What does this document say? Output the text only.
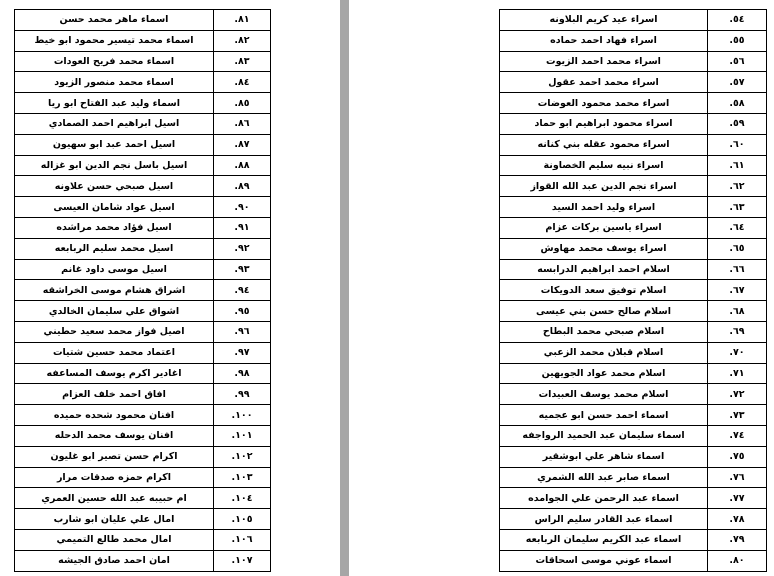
اسماء ماهر محمد حسن	٨١.
اسماء محمد تيسير محمود ابو خيط	٨٢.
اسماء محمد فريح العودات	٨٣.
اسماء محمد منصور الزيود	٨٤.
اسماء وليد عبد الفتاح ابو ريا	٨٥.
اسيل ابراهيم احمد الصمادي	٨٦.
اسيل احمد عبد ابو سهيون	٨٧.
اسيل باسل نجم الدين ابو غزاله	٨٨.
اسيل صبحي حسن علاونه	٨٩.
اسيل عواد شامان العيسى	٩٠.
اسيل فؤاد محمد مراشده	٩١.
اسيل محمد سليم الربابعه	٩٢.
اسيل موسى داود غانم	٩٣.
اشراق هشام موسى الخراشقه	٩٤.
اشواق علي سليمان الخالدي	٩٥.
اصيل فواز محمد سعيد حطيني	٩٦.
اعتماد محمد حسين شتيات	٩٧.
اغادير اكرم يوسف المساعفه	٩٨.
افاق احمد خلف العزام	٩٩.
افنان محمود شحده حميده	١٠٠.
افنان يوسف محمد الدحله	١٠١.
اكرام حسن تصير ابو غليون	١٠٢.
اكرام حمزه صدقات مرار	١٠٣.
ام حبيبه عبد الله حسين العمري	١٠٤.
امال علي عليان ابو شارب	١٠٥.
امال محمد طالع التميمي	١٠٦.
امان احمد صادق الجيشه	١٠٧.
اسراء عيد كريم البلاونه	٥٤.
اسراء فهاد احمد حماده	٥٥.
اسراء محمد احمد الزيوت	٥٦.
اسراء محمد احمد عقول	٥٧.
اسراء محمد محمود العوضات	٥٨.
اسراء محمود ابراهيم ابو حماد	٥٩.
اسراء محمود عقله بني كنانه	٦٠.
اسراء نبيه سليم الخصاونة	٦١.
اسراء نجم الدين عبد الله القواز	٦٢.
اسراء وليد احمد السيد	٦٣.
اسراء ياسين بركات عزام	٦٤.
اسراء يوسف محمد مهاوش	٦٥.
اسلام احمد ابراهيم الدرابسه	٦٦.
اسلام توفيق سعد الدويكات	٦٧.
اسلام صالح حسن بني عيسى	٦٨.
اسلام صبحي محمد البطاح	٦٩.
اسلام قبلان محمد الزعبي	٧٠.
اسلام محمد عواد الجويهين	٧١.
اسلام محمد يوسف العبيدات	٧٢.
اسماء احمد حسن ابو عجميه	٧٣.
اسماء سليمان عبد الحميد الرواجفه	٧٤.
اسماء شاهر علي ابوشقير	٧٥.
اسماء صابر عبد الله الشمري	٧٦.
اسماء عبد الرحمن علي الجوامده	٧٧.
اسماء عبد القادر سليم الراس	٧٨.
اسماء عبد الكريم سليمان الربابعه	٧٩.
اسماء عوني موسى اسحاقات	٨٠.
